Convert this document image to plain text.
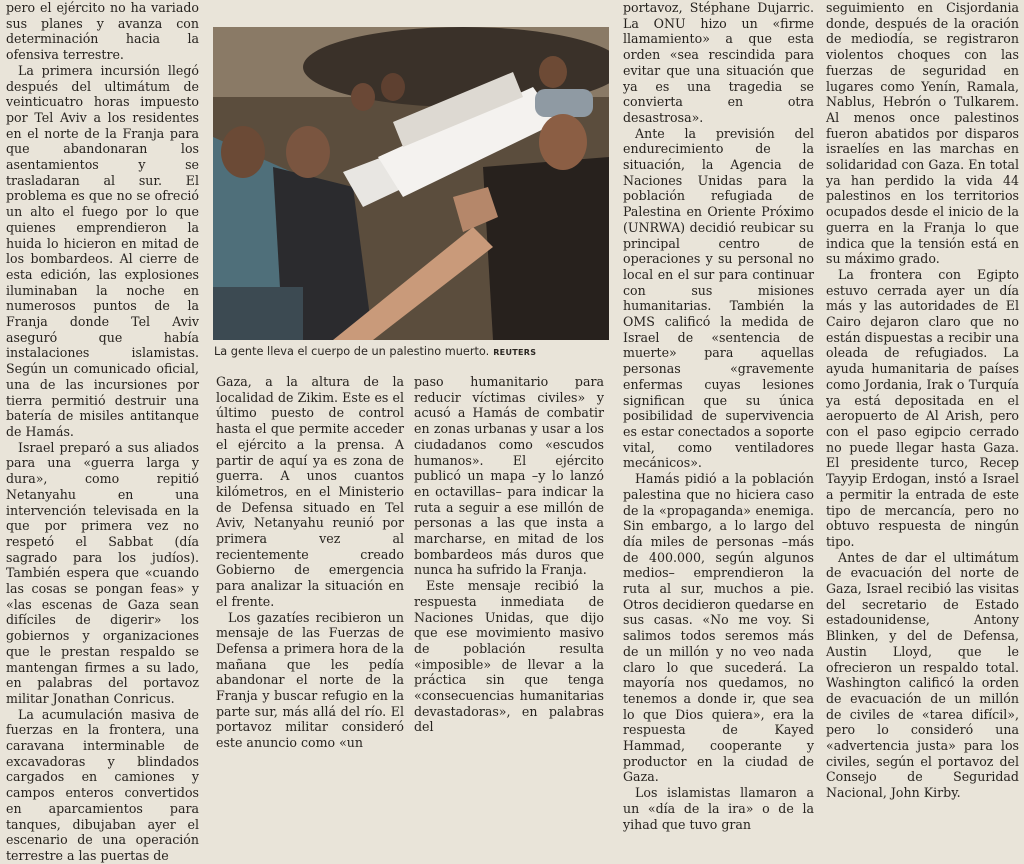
pero el ejército no ha variado sus planes y avanza con determinación hacia la ofensiva terrestre.

La primera incursión llegó después del ultimátum de veinticuatro horas impuesto por Tel Aviv a los residentes en el norte de la Franja para que abandonaran los asentamientos y se trasladaran al sur. El problema es que no se ofreció un alto el fuego por lo que quienes emprendieron la huida lo hicieron en mitad de los bombardeos. Al cierre de esta edición, las explosiones iluminaban la noche en numerosos puntos de la Franja donde Tel Aviv aseguró que había instalaciones islamistas. Según un comunicado oficial, una de las incursiones por tierra permitió destruir una batería de misiles antitanque de Hamás.

Israel preparó a sus aliados para una «guerra larga y dura», como repitió Netanyahu en una intervención televisada en la que por primera vez no respetó el Sabbat (día sagrado para los judíos). También espera que «cuando las cosas se pongan feas» y «las escenas de Gaza sean difíciles de digerir» los gobiernos y organizaciones que le prestan respaldo se mantengan firmes a su lado, en palabras del portavoz militar Jonathan Conricus.

La acumulación masiva de fuerzas en la frontera, una caravana interminable de excavadoras y blindados cargados en camiones y campos enteros convertidos en aparcamientos para tanques, dibujaban ayer el escenario de una operación terrestre a las puertas de

La gente lleva el cuerpo de un palestino muerto. REUTERS

Gaza, a la altura de la localidad de Zikim. Este es el último puesto de control hasta el que permite acceder el ejército a la prensa. A partir de aquí ya es zona de guerra. A unos cuantos kilómetros, en el Ministerio de Defensa situado en Tel Aviv, Netanyahu reunió por primera vez al recientemente creado Gobierno de emergencia para analizar la situación en el frente.

Los gazatíes recibieron un mensaje de las Fuerzas de Defensa a primera hora de la mañana que les pedía abandonar el norte de la Franja y buscar refugio en la parte sur, más allá del río. El portavoz militar consideró este anuncio como «un

paso humanitario para reducir víctimas civiles» y acusó a Hamás de combatir en zonas urbanas y usar a los ciudadanos como «escudos humanos». El ejército publicó un mapa –y lo lanzó en octavillas– para indicar la ruta a seguir a ese millón de personas a las que insta a marcharse, en mitad de los bombardeos más duros que nunca ha sufrido la Franja.

Este mensaje recibió la respuesta inmediata de Naciones Unidas, que dijo que ese movimiento masivo de población resulta «imposible» de llevar a la práctica sin que tenga «consecuencias humanitarias devastadoras», en palabras del

portavoz, Stéphane Dujarric. La ONU hizo un «firme llamamiento» a que esta orden «sea rescindida para evitar que una situación que ya es una tragedia se convierta en otra desastrosa».

Ante la previsión del endurecimiento de la situación, la Agencia de Naciones Unidas para la población refugiada de Palestina en Oriente Próximo (UNRWA) decidió reubicar su principal centro de operaciones y su personal no local en el sur para continuar con sus misiones humanitarias. También la OMS calificó la medida de Israel de «sentencia de muerte» para aquellas personas «gravemente enfermas cuyas lesiones significan que su única posibilidad de supervivencia es estar conectados a soporte vital, como ventiladores mecánicos».

Hamás pidió a la población palestina que no hiciera caso de la «propaganda» enemiga. Sin embargo, a lo largo del día miles de personas –más de 400.000, según algunos medios– emprendieron la ruta al sur, muchos a pie. Otros decidieron quedarse en sus casas. «No me voy. Si salimos todos seremos más de un millón y no veo nada claro lo que sucederá. La mayoría nos quedamos, no tenemos a donde ir, que sea lo que Dios quiera», era la respuesta de Kayed Hammad, cooperante y productor en la ciudad de Gaza.

Los islamistas llamaron a un «día de la ira» o de la yihad que tuvo gran

seguimiento en Cisjordania donde, después de la oración de mediodía, se registraron violentos choques con las fuerzas de seguridad en lugares como Yenín, Ramala, Nablus, Hebrón o Tulkarem. Al menos once palestinos fueron abatidos por disparos israelíes en las marchas en solidaridad con Gaza. En total ya han perdido la vida 44 palestinos en los territorios ocupados desde el inicio de la guerra en la Franja lo que indica que la tensión está en su máximo grado.

La frontera con Egipto estuvo cerrada ayer un día más y las autoridades de El Cairo dejaron claro que no están dispuestas a recibir una oleada de refugiados. La ayuda humanitaria de países como Jordania, Irak o Turquía ya está depositada en el aeropuerto de Al Arish, pero con el paso egipcio cerrado no puede llegar hasta Gaza. El presidente turco, Recep Tayyip Erdogan, instó a Israel a permitir la entrada de este tipo de mercancía, pero no obtuvo respuesta de ningún tipo.

Antes de dar el ultimátum de evacuación del norte de Gaza, Israel recibió las visitas del secretario de Estado estadounidense, Antony Blinken, y del de Defensa, Austin Lloyd, que le ofrecieron un respaldo total. Washington calificó la orden de evacuación de un millón de civiles de «tarea difícil», pero lo consideró una «advertencia justa» para los civiles, según el portavoz del Consejo de Seguridad Nacional, John Kirby.
